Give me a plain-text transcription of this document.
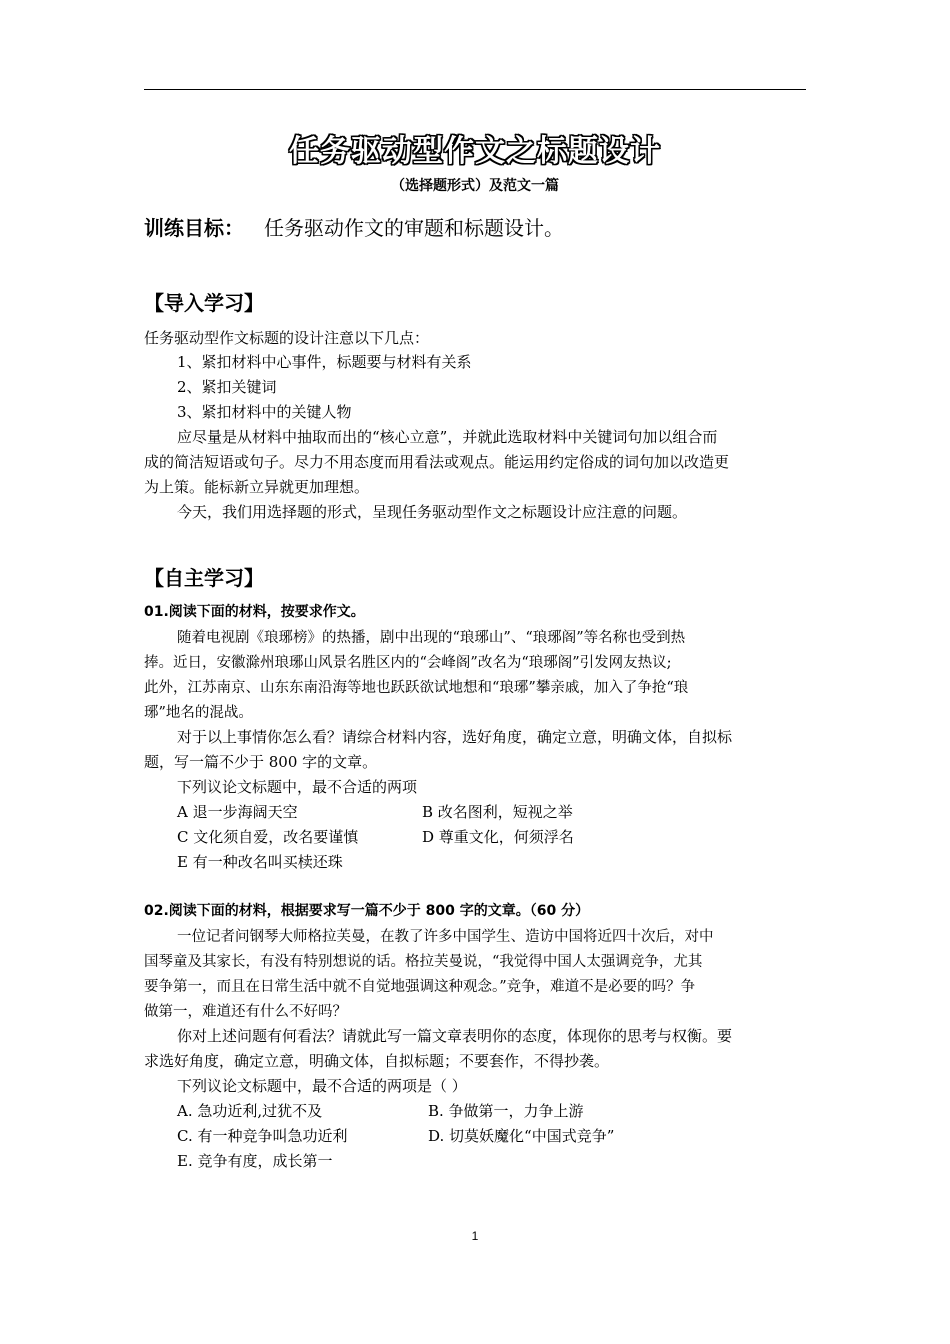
任务驱动型作文之标题设计
（选择题形式）及范文一篇
训练目标： 任务驱动作文的审题和标题设计。
【导入学习】
任务驱动型作文标题的设计注意以下几点：
1、紧扣材料中心事件，标题要与材料有关系
2、紧扣关键词
3、紧扣材料中的关键人物
应尽量是从材料中抽取而出的“核心立意”，并就此选取材料中关键词句加以组合而
成的简洁短语或句子。尽力不用态度而用看法或观点。能运用约定俗成的词句加以改造更
为上策。能标新立异就更加理想。
今天，我们用选择题的形式，呈现任务驱动型作文之标题设计应注意的问题。
【自主学习】
01.阅读下面的材料，按要求作文。
随着电视剧《琅琊榜》的热播，剧中出现的“琅琊山”、“琅琊阁”等名称也受到热
捧。近日，安徽滁州琅琊山风景名胜区内的“会峰阁”改名为“琅琊阁”引发网友热议;
此外，江苏南京、山东东南沿海等地也跃跃欲试地想和“琅琊”攀亲戚，加入了争抢“琅
琊”地名的混战。
对于以上事情你怎么看？请综合材料内容，选好角度，确定立意，明确文体，自拟标
题，写一篇不少于 800 字的文章。
下列议论文标题中，最不合适的两项
A 退一步海阔天空	B 改名图利，短视之举
C 文化须自爱，改名要谨慎	D 尊重文化，何须浮名
E 有一种改名叫买椟还珠
02.阅读下面的材料，根据要求写一篇不少于 800 字的文章。（60 分）
一位记者问钢琴大师格拉芙曼，在教了许多中国学生、造访中国将近四十次后，对中
国琴童及其家长，有没有特别想说的话。格拉芙曼说，“我觉得中国人太强调竞争，尤其
要争第一，而且在日常生活中就不自觉地强调这种观念。”竞争，难道不是必要的吗？争
做第一，难道还有什么不好吗？
你对上述问题有何看法？请就此写一篇文章表明你的态度，体现你的思考与权衡。要
求选好角度，确定立意，明确文体，自拟标题；不要套作，不得抄袭。
下列议论文标题中，最不合适的两项是（ ）
A. 急功近利,过犹不及	B. 争做第一，力争上游
C. 有一种竞争叫急功近利	D. 切莫妖魔化“中国式竞争”
E. 竞争有度，成长第一
1
